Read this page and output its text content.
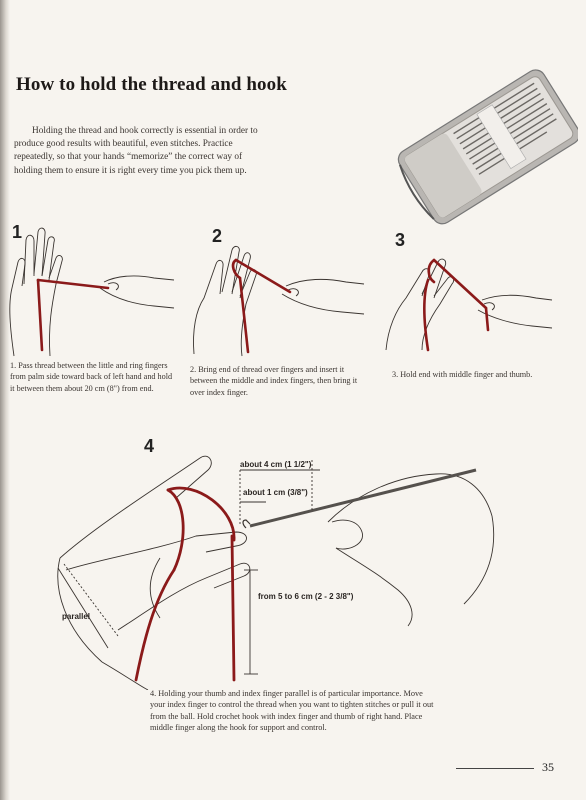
How to hold the thread and hook
Holding the thread and hook correctly is essential in order to produce good results with beautiful, even stitches. Practice repeatedly, so that your hands “memorize” the correct way of holding them to ensure it is right every time you pick them up.
1
1. Pass thread between the little and ring fingers from palm side toward back of left hand and hold it between them about 20 cm (8") from end.
2
2. Bring end of thread over fingers and insert it between the middle and index fingers, then bring it over index finger.
3
3. Hold end with middle finger and thumb.
4
about 4 cm (1 1/2")
about 1 cm (3/8")
from 5 to 6 cm (2 - 2 3/8")
parallel
4. Holding your thumb and index finger parallel is of particular importance. Move your index finger to control the thread when you want to tighten stitches or pull it out from the ball. Hold crochet hook with index finger and thumb of right hand. Place middle finger along the hook for support and control.
35
